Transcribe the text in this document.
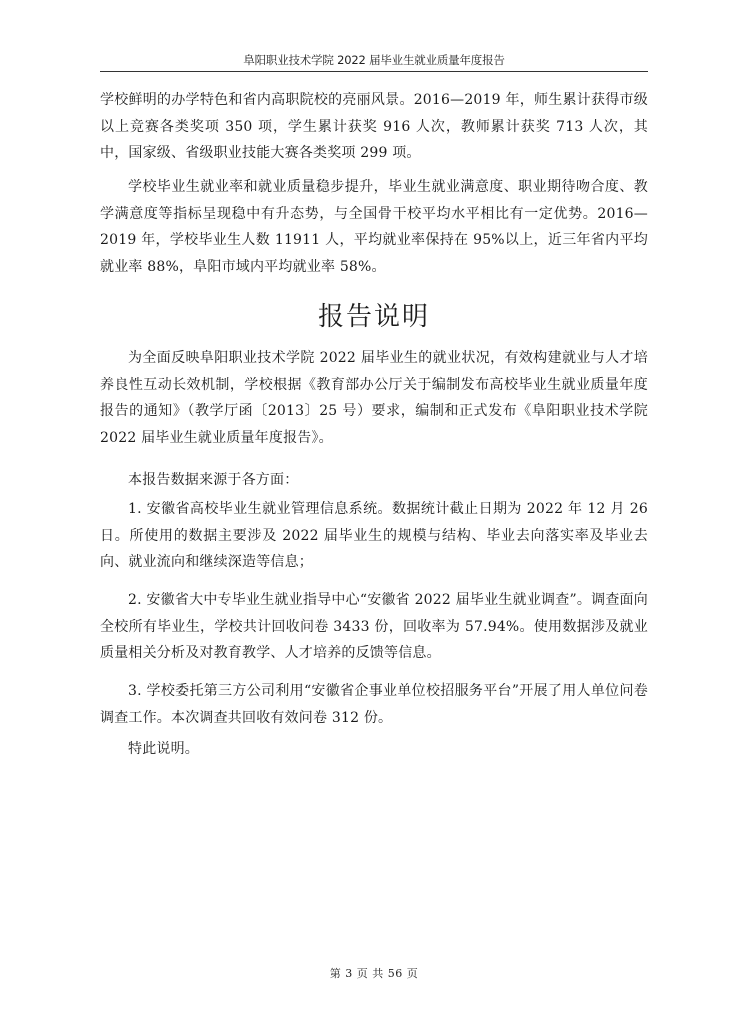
阜阳职业技术学院 2022 届毕业生就业质量年度报告

学校鲜明的办学特色和省内高职院校的亮丽风景。2016—2019 年，师生累计获得市级以上竞赛各类奖项 350 项，学生累计获奖 916 人次，教师累计获奖 713 人次，其中，国家级、省级职业技能大赛各类奖项 299 项。

学校毕业生就业率和就业质量稳步提升，毕业生就业满意度、职业期待吻合度、教学满意度等指标呈现稳中有升态势，与全国骨干校平均水平相比有一定优势。2016—2019 年，学校毕业生人数 11911 人，平均就业率保持在 95%以上，近三年省内平均就业率 88%，阜阳市域内平均就业率 58%。

报告说明

为全面反映阜阳职业技术学院 2022 届毕业生的就业状况，有效构建就业与人才培养良性互动长效机制，学校根据《教育部办公厅关于编制发布高校毕业生就业质量年度报告的通知》（教学厅函〔2013〕25 号）要求，编制和正式发布《阜阳职业技术学院 2022 届毕业生就业质量年度报告》。

本报告数据来源于各方面：

1. 安徽省高校毕业生就业管理信息系统。数据统计截止日期为 2022 年 12 月 26 日。所使用的数据主要涉及 2022 届毕业生的规模与结构、毕业去向落实率及毕业去向、就业流向和继续深造等信息；

2. 安徽省大中专毕业生就业指导中心“安徽省 2022 届毕业生就业调查”。调查面向全校所有毕业生，学校共计回收问卷 3433 份，回收率为 57.94%。使用数据涉及就业质量相关分析及对教育教学、人才培养的反馈等信息。

3. 学校委托第三方公司利用“安徽省企事业单位校招服务平台”开展了用人单位问卷调查工作。本次调查共回收有效问卷 312 份。

特此说明。

第 3 页 共 56 页
